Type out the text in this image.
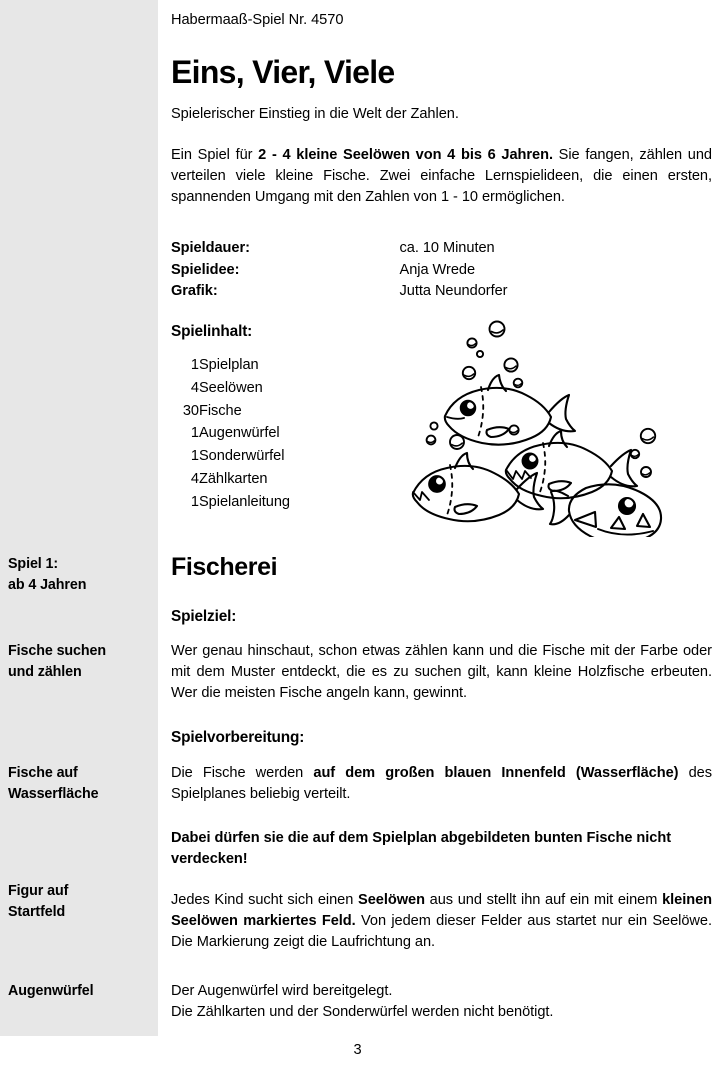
Spiel 1:
ab 4 Jahren
Fische suchen
und zählen
Fische auf
Wasserfläche
Figur auf
Startfeld
Augenwürfel
Habermaaß-Spiel Nr. 4570
Eins, Vier, Viele
Spielerischer Einstieg in die Welt der Zahlen.
Ein Spiel für 2 - 4 kleine Seelöwen von 4 bis 6 Jahren. Sie fangen, zählen und verteilen viele kleine Fische. Zwei einfache Lernspielideen, die einen ersten, spannenden Umgang mit den Zahlen von 1 - 10 ermöglichen.
Spieldauer:	ca. 10 Minuten
Spielidee:	Anja Wrede
Grafik:	Jutta Neundorfer
Spielinhalt:
1	Spielplan
4	Seelöwen
30	Fische
1	Augenwürfel
1	Sonderwürfel
4	Zählkarten
1	Spielanleitung
Fischerei
Spielziel:
Wer genau hinschaut, schon etwas zählen kann und die Fische mit der Farbe oder mit dem Muster entdeckt, die es zu suchen gilt, kann kleine Holzfische erbeuten. Wer die meisten Fische angeln kann, gewinnt.
Spielvorbereitung:
Die Fische werden auf dem großen blauen Innenfeld (Wasserfläche) des Spielplanes beliebig verteilt.
Dabei dürfen sie die auf dem Spielplan abgebildeten bunten Fische nicht verdecken!
Jedes Kind sucht sich einen Seelöwen aus und stellt ihn auf ein mit einem kleinen Seelöwen markiertes Feld. Von jedem dieser Felder aus startet nur ein Seelöwe. Die Markierung zeigt die Laufrichtung an.
Der Augenwürfel wird bereitgelegt.
Die Zählkarten und der Sonderwürfel werden nicht benötigt.
3
